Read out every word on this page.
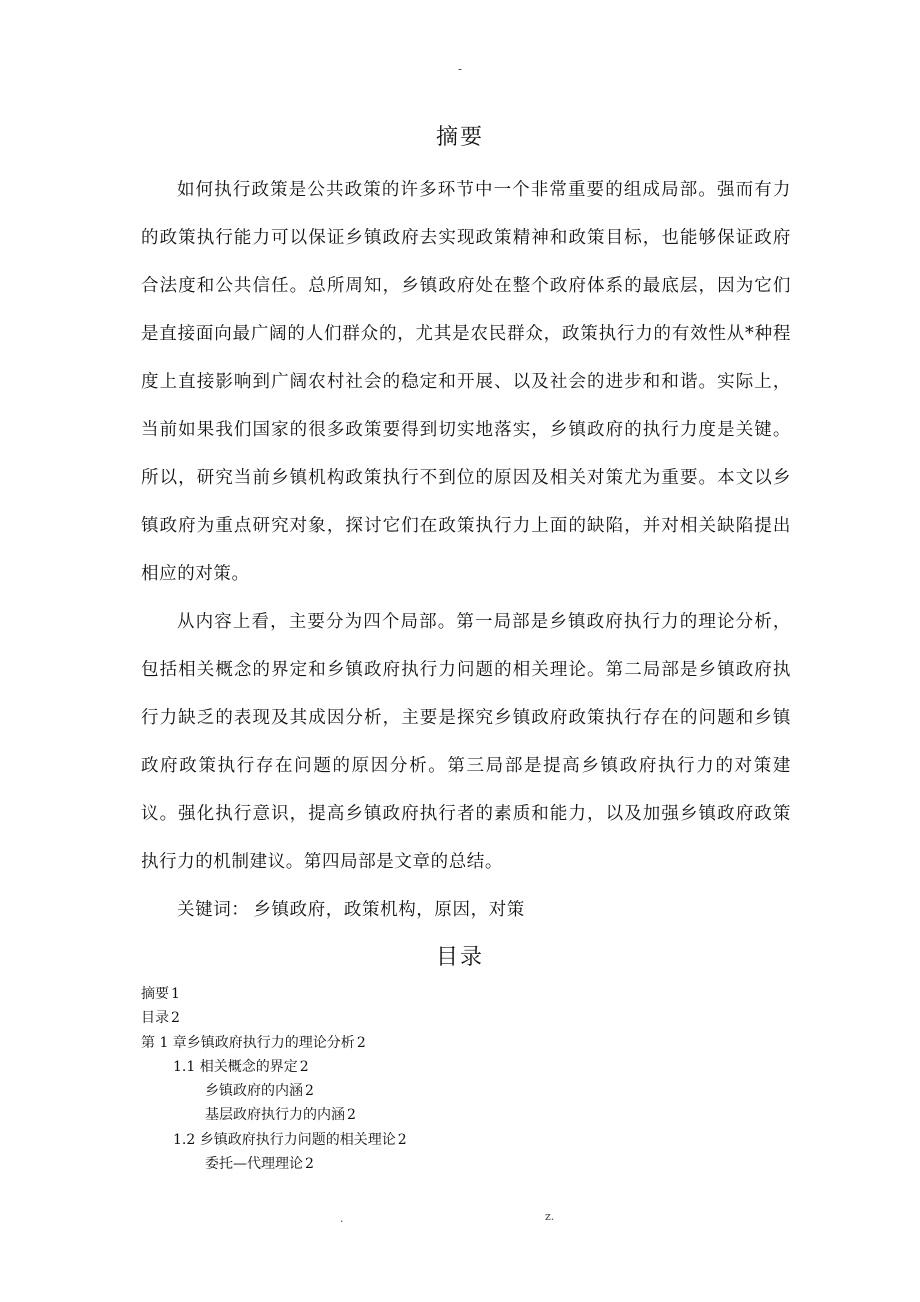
-
摘要

如何执行政策是公共政策的许多环节中一个非常重要的组成局部。强而有力的政策执行能力可以保证乡镇政府去实现政策精神和政策目标，也能够保证政府合法度和公共信任。总所周知，乡镇政府处在整个政府体系的最底层，因为它们是直接面向最广阔的人们群众的，尤其是农民群众，政策执行力的有效性从*种程度上直接影响到广阔农村社会的稳定和开展、以及社会的进步和和谐。实际上，当前如果我们国家的很多政策要得到切实地落实，乡镇政府的执行力度是关键。所以，研究当前乡镇机构政策执行不到位的原因及相关对策尤为重要。本文以乡镇政府为重点研究对象，探讨它们在政策执行力上面的缺陷，并对相关缺陷提出相应的对策。

从内容上看，主要分为四个局部。第一局部是乡镇政府执行力的理论分析，包括相关概念的界定和乡镇政府执行力问题的相关理论。第二局部是乡镇政府执行力缺乏的表现及其成因分析，主要是探究乡镇政府政策执行存在的问题和乡镇政府政策执行存在问题的原因分析。第三局部是提高乡镇政府执行力的对策建议。强化执行意识，提高乡镇政府执行者的素质和能力，以及加强乡镇政府政策执行力的机制建议。第四局部是文章的总结。

关键词： 乡镇政府，政策机构，原因，对策

目录
摘要 1
目录 2
第 1 章乡镇政府执行力的理论分析 2
1.1 相关概念的界定 2
乡镇政府的内涵 2
基层政府执行力的内涵 2
1.2 乡镇政府执行力问题的相关理论 2
委托—代理理论 2
.	z.
